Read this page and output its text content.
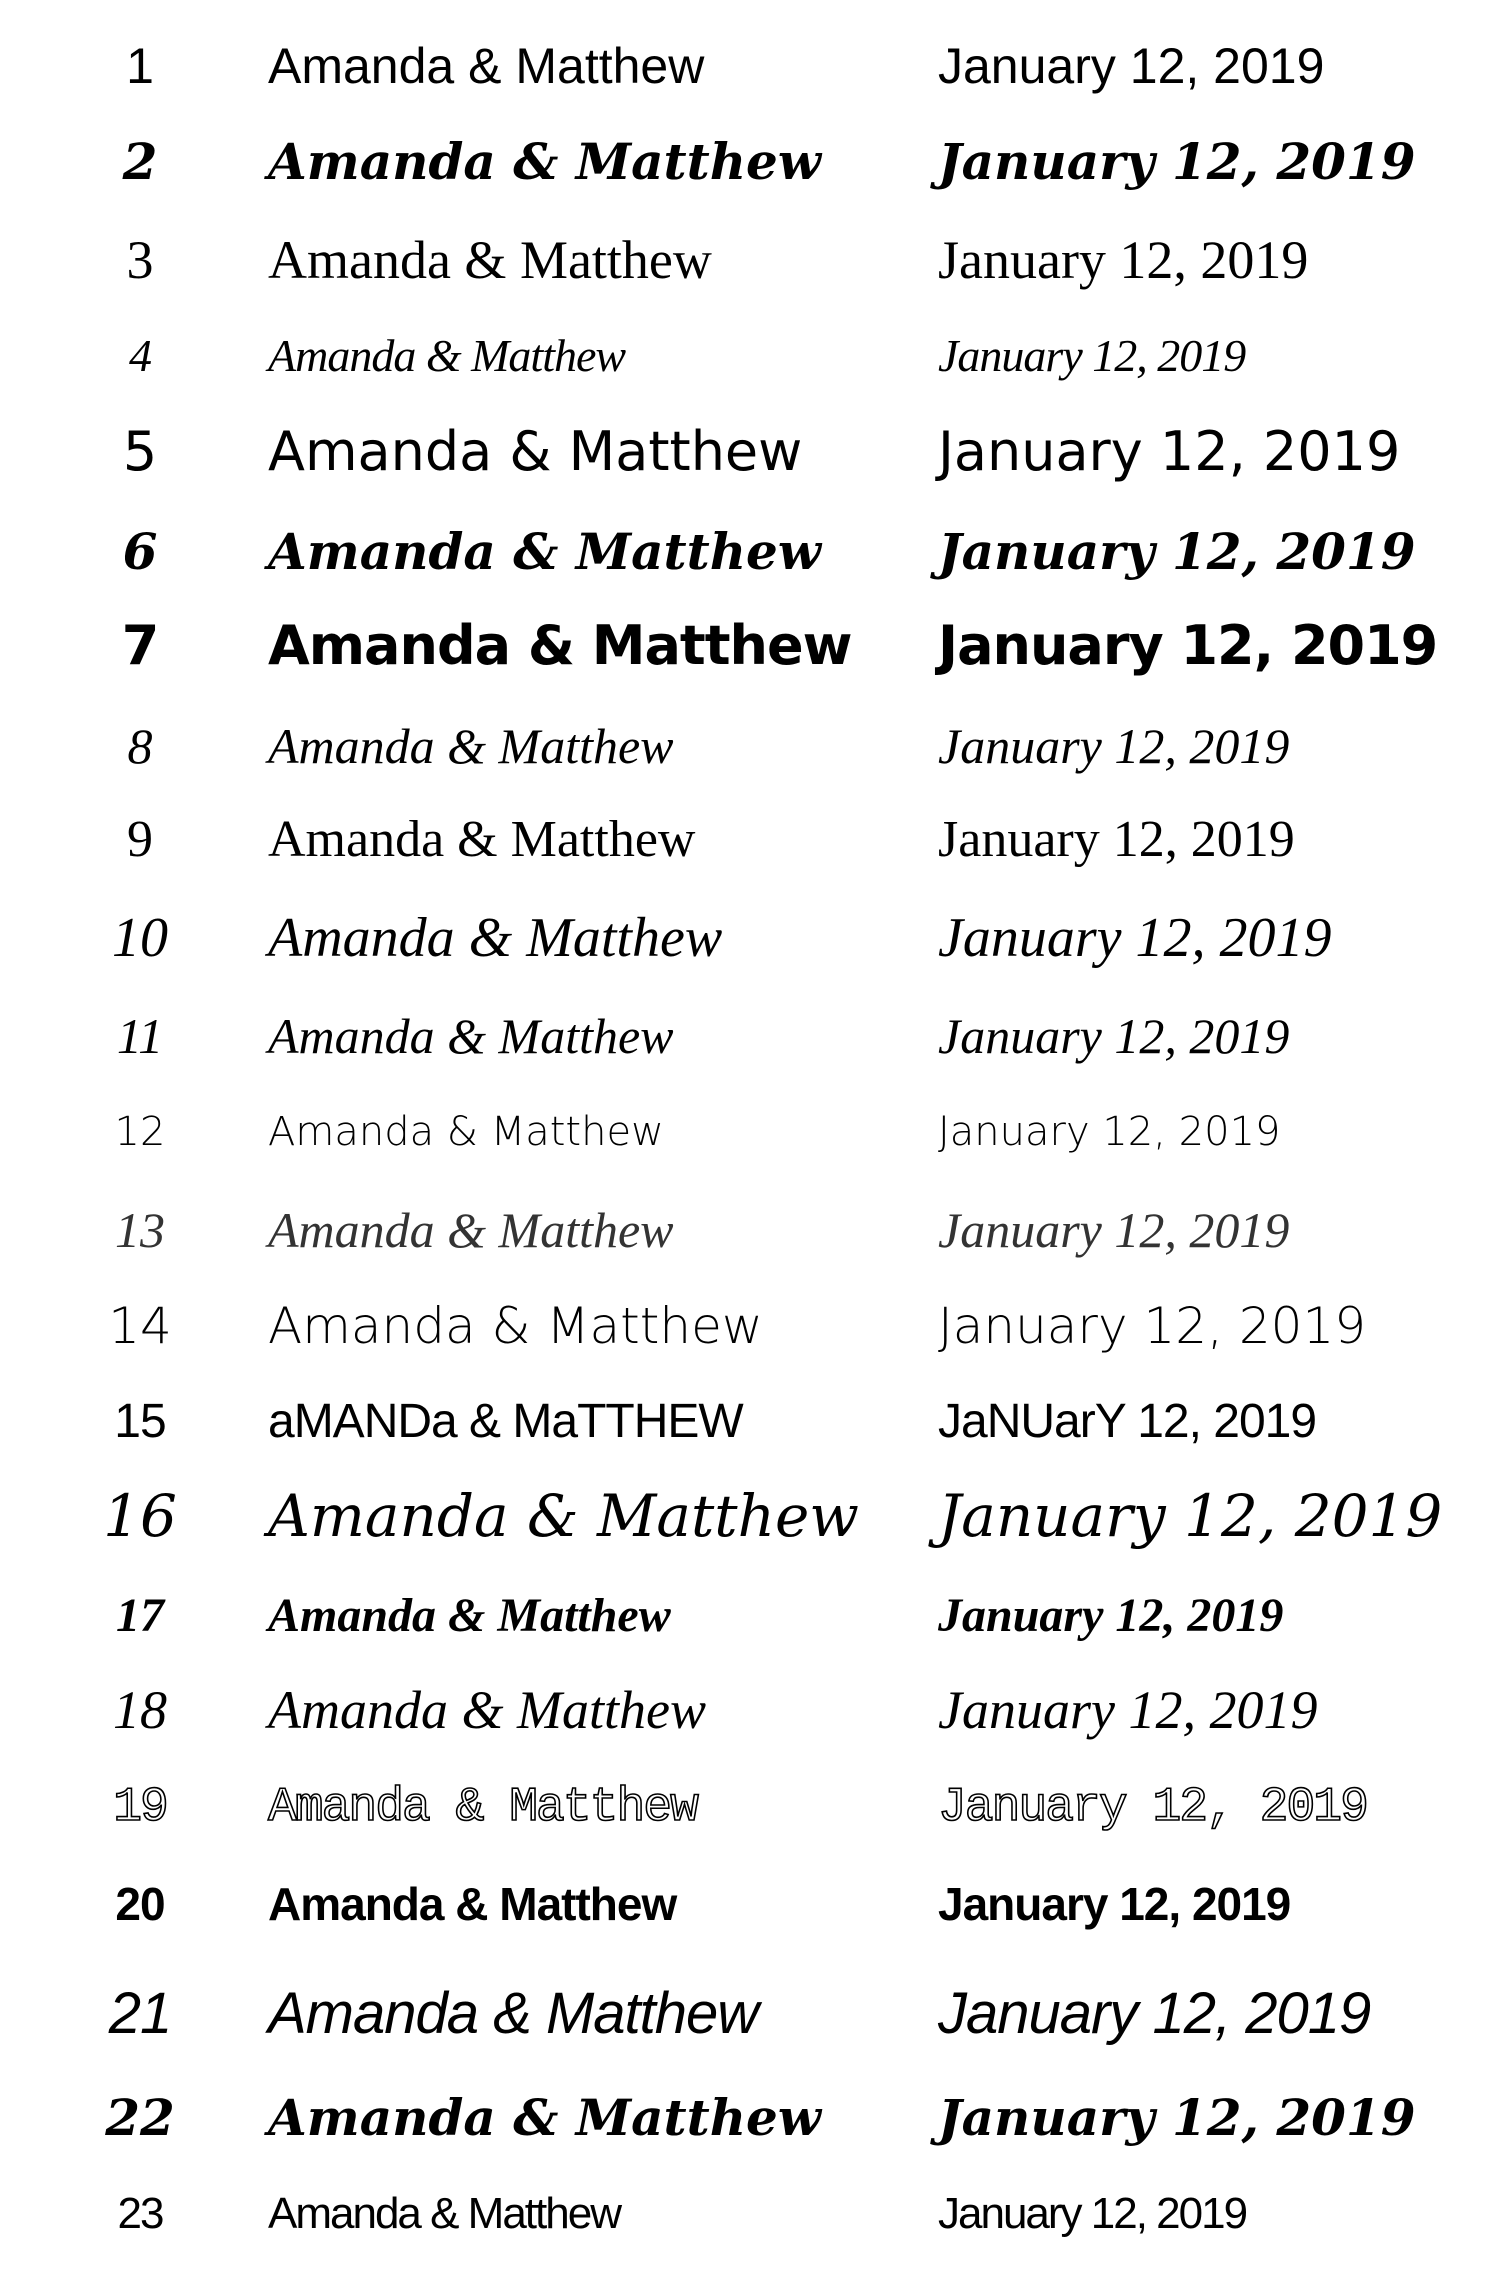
1	Amanda & Matthew	January 12, 2019
2	Amanda & Matthew	January 12, 2019
3	Amanda & Matthew	January 12, 2019
4	Amanda & Matthew	January 12, 2019
5	Amanda & Matthew	January 12, 2019
6	Amanda & Matthew	January 12, 2019
7	Amanda & Matthew	January 12, 2019
8	Amanda & Matthew	January 12, 2019
9	Amanda & Matthew	January 12, 2019
10	Amanda & Matthew	January 12, 2019
11	Amanda & Matthew	January 12, 2019
12	Amanda & Matthew	January 12, 2019
13	Amanda & Matthew	January 12, 2019
14	Amanda & Matthew	January 12, 2019
15	aMANDa & MaTTHEW	JaNUarY 12, 2019
16	Amanda & Matthew	January 12, 2019
17	Amanda & Matthew	January 12, 2019
18	Amanda & Matthew	January 12, 2019
19	Amanda & Matthew	January 12, 2019
20	Amanda & Matthew	January 12, 2019
21	Amanda & Matthew	January 12, 2019
22	Amanda & Matthew	January 12, 2019
23	Amanda & Matthew	January 12, 2019
